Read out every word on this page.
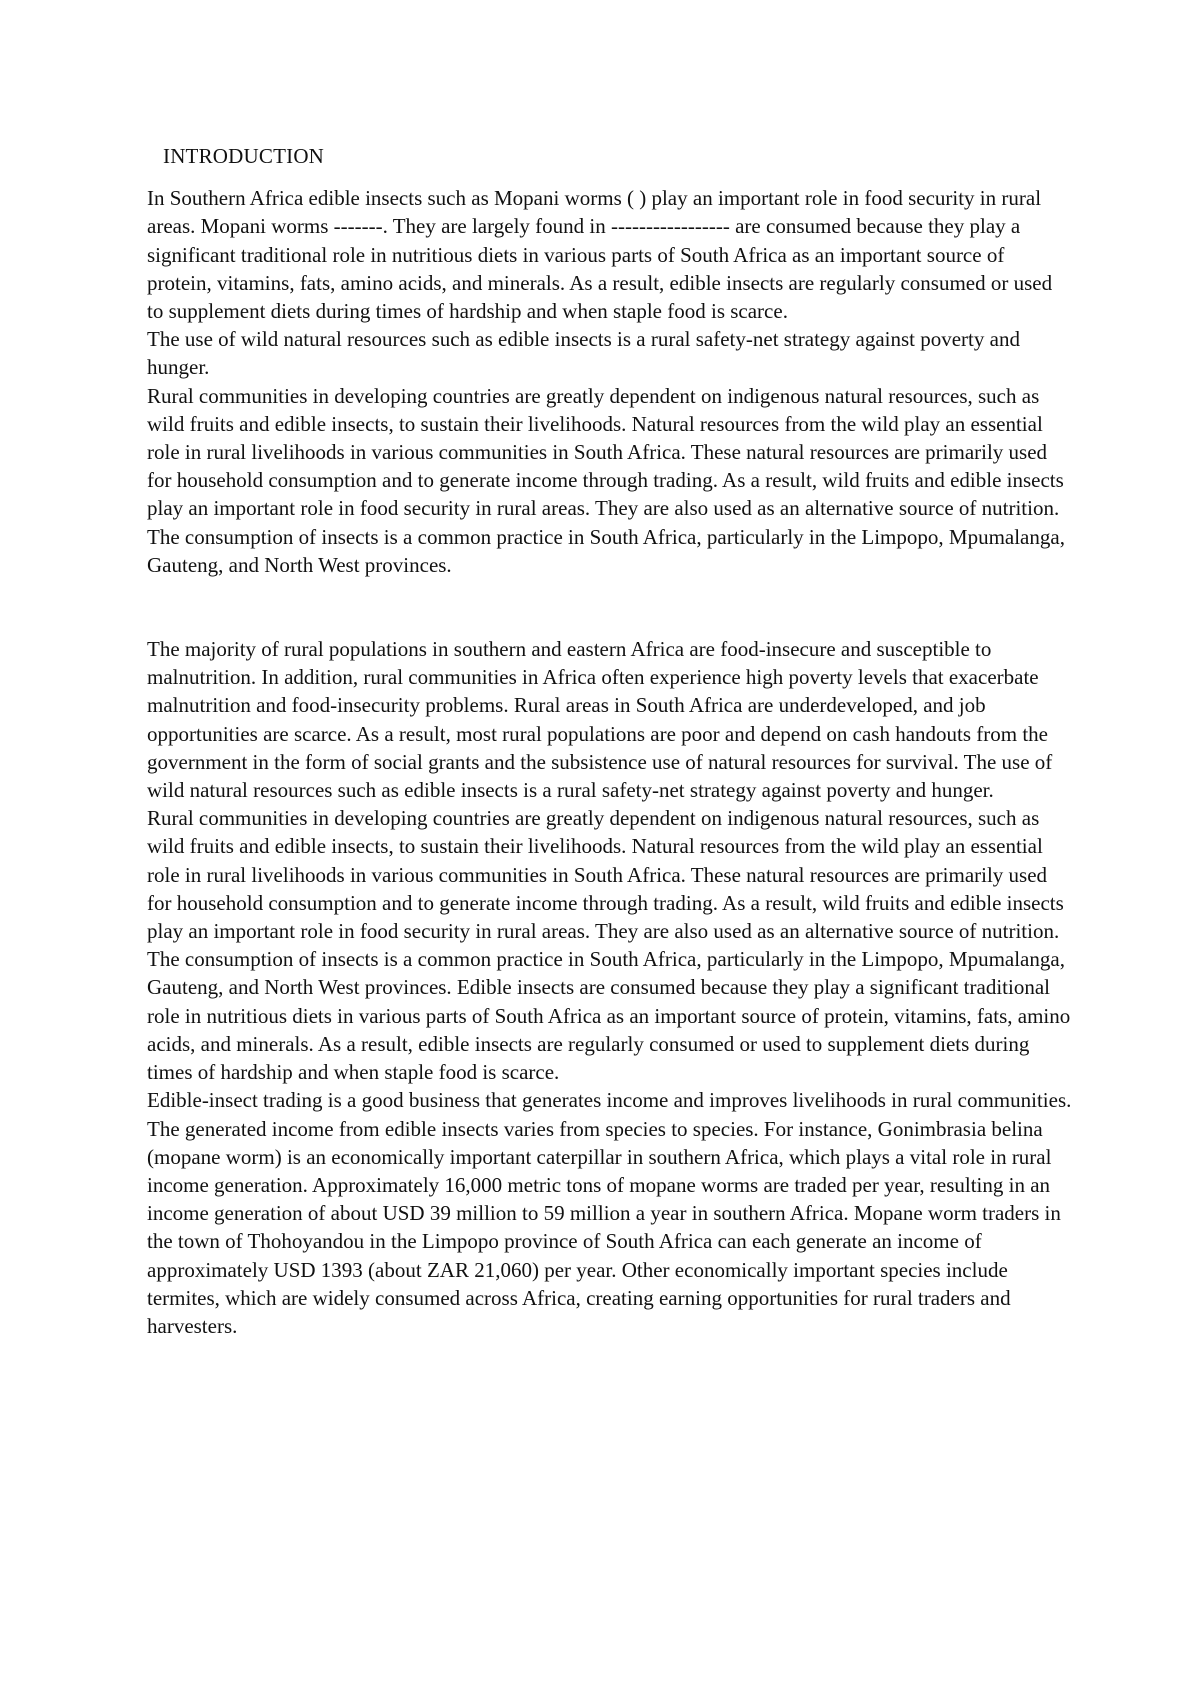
INTRODUCTION

In Southern Africa edible insects such as Mopani worms ( ) play an important role in food security in rural areas. Mopani worms -------. They are largely found in ----------------- are consumed because they play a significant traditional role in nutritious diets in various parts of South Africa as an important source of protein, vitamins, fats, amino acids, and minerals. As a result, edible insects are regularly consumed or used to supplement diets during times of hardship and when staple food is scarce.

The use of wild natural resources such as edible insects is a rural safety-net strategy against poverty and hunger.

Rural communities in developing countries are greatly dependent on indigenous natural resources, such as wild fruits and edible insects, to sustain their livelihoods. Natural resources from the wild play an essential role in rural livelihoods in various communities in South Africa. These natural resources are primarily used for household consumption and to generate income through trading. As a result, wild fruits and edible insects play an important role in food security in rural areas. They are also used as an alternative source of nutrition.

The consumption of insects is a common practice in South Africa, particularly in the Limpopo, Mpumalanga, Gauteng, and North West provinces.

The majority of rural populations in southern and eastern Africa are food-insecure and susceptible to malnutrition. In addition, rural communities in Africa often experience high poverty levels that exacerbate malnutrition and food-insecurity problems. Rural areas in South Africa are underdeveloped, and job opportunities are scarce. As a result, most rural populations are poor and depend on cash handouts from the government in the form of social grants and the subsistence use of natural resources for survival. The use of wild natural resources such as edible insects is a rural safety-net strategy against poverty and hunger.

Rural communities in developing countries are greatly dependent on indigenous natural resources, such as wild fruits and edible insects, to sustain their livelihoods. Natural resources from the wild play an essential role in rural livelihoods in various communities in South Africa. These natural resources are primarily used for household consumption and to generate income through trading. As a result, wild fruits and edible insects play an important role in food security in rural areas. They are also used as an alternative source of nutrition.

The consumption of insects is a common practice in South Africa, particularly in the Limpopo, Mpumalanga, Gauteng, and North West provinces. Edible insects are consumed because they play a significant traditional role in nutritious diets in various parts of South Africa as an important source of protein, vitamins, fats, amino acids, and minerals. As a result, edible insects are regularly consumed or used to supplement diets during times of hardship and when staple food is scarce.

Edible-insect trading is a good business that generates income and improves livelihoods in rural communities. The generated income from edible insects varies from species to species. For instance, Gonimbrasia belina (mopane worm) is an economically important caterpillar in southern Africa, which plays a vital role in rural income generation. Approximately 16,000 metric tons of mopane worms are traded per year, resulting in an income generation of about USD 39 million to 59 million a year in southern Africa. Mopane worm traders in the town of Thohoyandou in the Limpopo province of South Africa can each generate an income of approximately USD 1393 (about ZAR 21,060) per year. Other economically important species include termites, which are widely consumed across Africa, creating earning opportunities for rural traders and harvesters.
